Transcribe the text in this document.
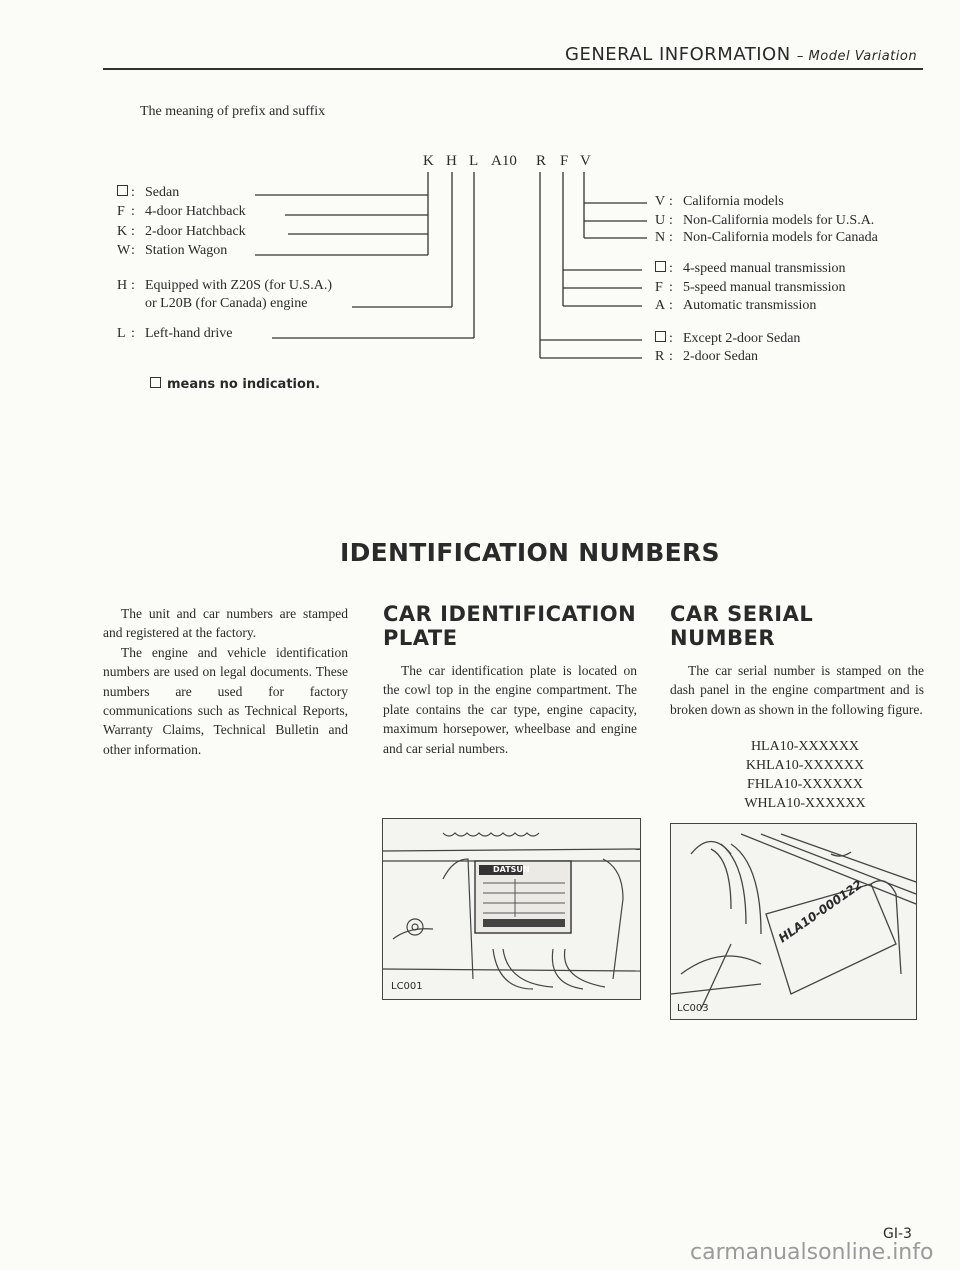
GENERAL INFORMATION – Model Variation
The meaning of prefix and suffix
K H L A10 R F V
: Sedan
F : 4-door Hatchback
K : 2-door Hatchback
W: Station Wagon
H : Equipped with Z20S (for U.S.A.)
or L20B (for Canada) engine
L : Left-hand drive
V : California models
U : Non-California models for U.S.A.
N : Non-California models for Canada
: 4-speed manual transmission
F : 5-speed manual transmission
A : Automatic transmission
: Except 2-door Sedan
R : 2-door Sedan
means no indication.
IDENTIFICATION NUMBERS

The unit and car numbers are stamped and registered at the factory.

The engine and vehicle identification numbers are used on legal documents. These numbers are used for factory communications such as Technical Reports, Warranty Claims, Technical Bulletin and other information.

CAR IDENTIFICATION
PLATE

The car identification plate is located on the cowl top in the engine compartment. The plate contains the car type, engine capacity, maximum horsepower, wheelbase and engine and car serial numbers.

DATSUN
LC001
CAR SERIAL
NUMBER

The car serial number is stamped on the dash panel in the engine compartment and is broken down as shown in the following figure.

HLA10-XXXXXX
KHLA10-XXXXXX
FHLA10-XXXXXX
WHLA10-XXXXXX
HLA10-000122
LC003
GI-3
carmanualsonline.info
